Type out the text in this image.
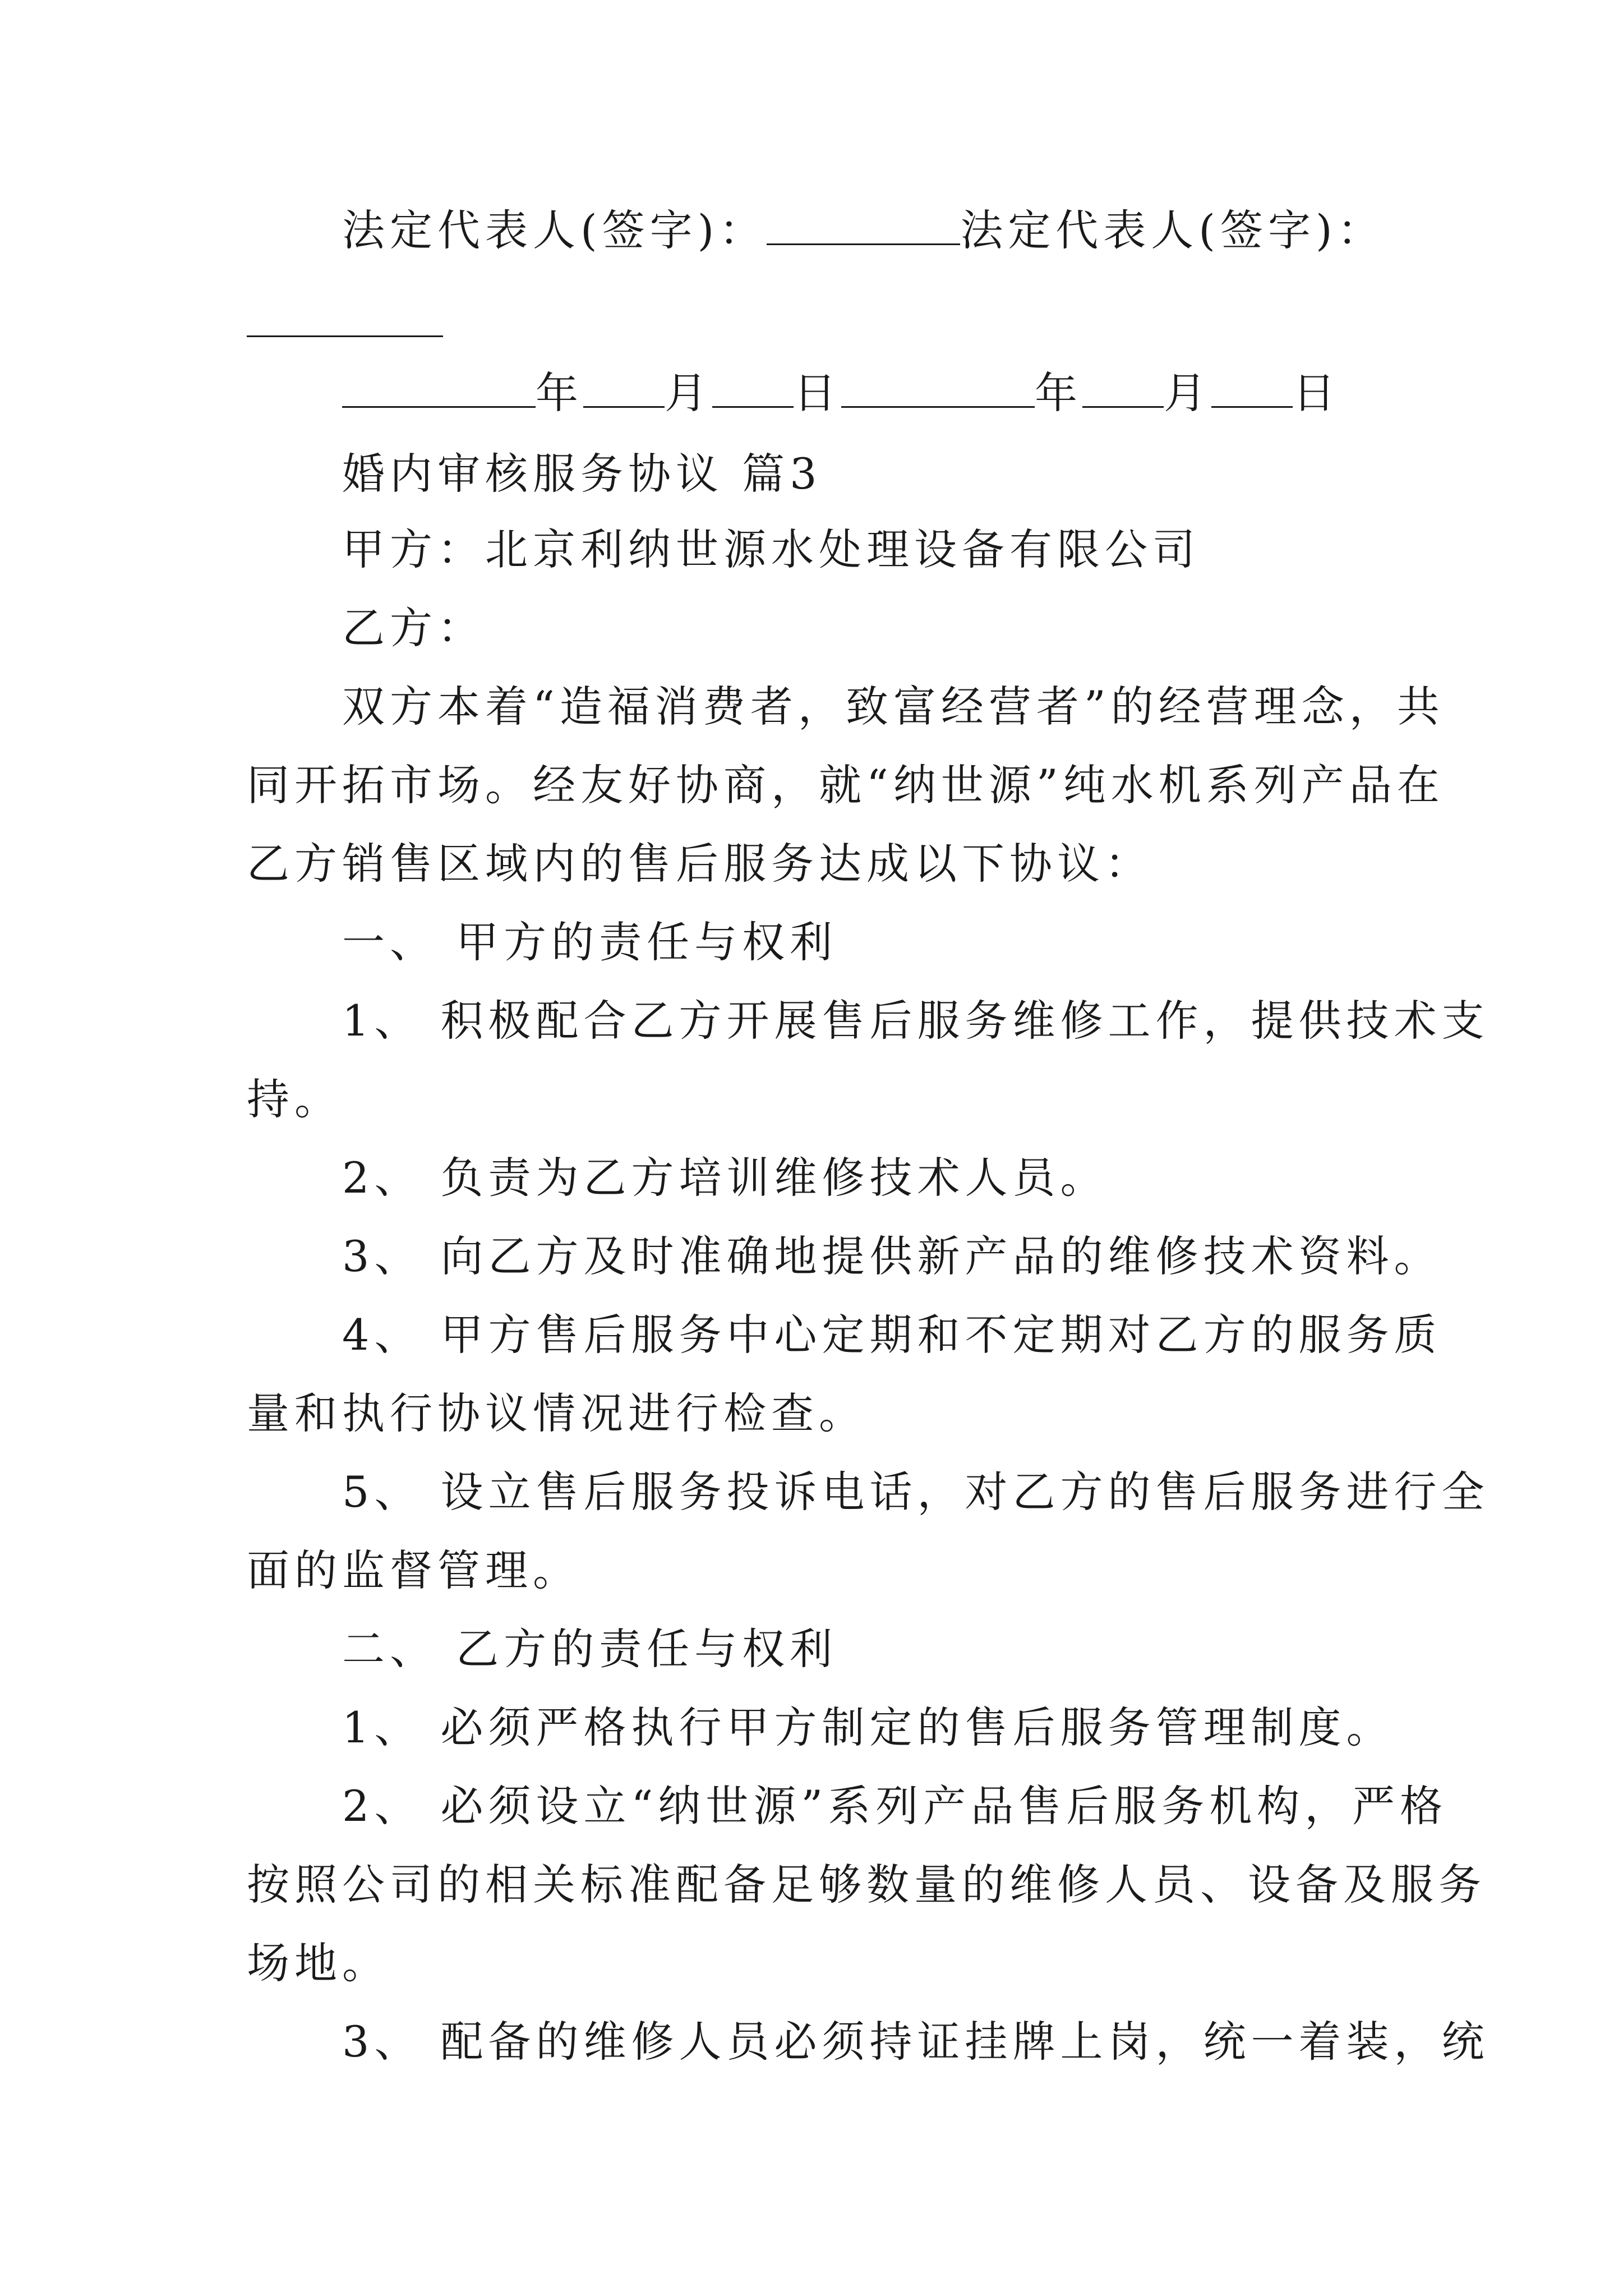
法定代表人(签字)：	法定代表人(签字)：
年 月 日	年 月 日
婚内审核服务协议 篇3
甲方：北京利纳世源水处理设备有限公司
乙方：
双方本着“造福消费者，致富经营者”的经营理念，共
同开拓市场。经友好协商，就“纳世源”纯水机系列产品在
乙方销售区域内的售后服务达成以下协议：
一、 甲方的责任与权利
1、 积极配合乙方开展售后服务维修工作，提供技术支
持。
2、 负责为乙方培训维修技术人员。
3、 向乙方及时准确地提供新产品的维修技术资料。
4、 甲方售后服务中心定期和不定期对乙方的服务质
量和执行协议情况进行检查。
5、 设立售后服务投诉电话，对乙方的售后服务进行全
面的监督管理。
二、 乙方的责任与权利
1、 必须严格执行甲方制定的售后服务管理制度。
2、 必须设立“纳世源”系列产品售后服务机构，严格
按照公司的相关标准配备足够数量的维修人员、设备及服务
场地。
3、 配备的维修人员必须持证挂牌上岗，统一着装，统
